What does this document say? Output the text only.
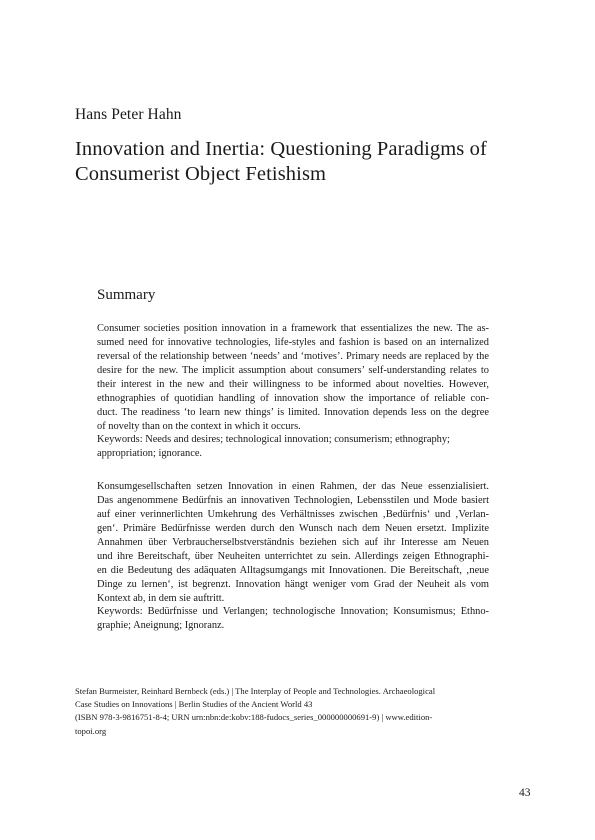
Hans Peter Hahn
Innovation and Inertia: Questioning Paradigms of
Consumerist Object Fetishism
Summary

Consumer societies position innovation in a framework that essentializes the new. The as-
sumed need for innovative technologies, life-styles and fashion is based on an internalized
reversal of the relationship between ‘needs’ and ‘motives’. Primary needs are replaced by the
desire for the new. The implicit assumption about consumers’ self-understanding relates to
their interest in the new and their willingness to be informed about novelties. However,
ethnographies of quotidian handling of innovation show the importance of reliable con-
duct. The readiness ‘to learn new things’ is limited. Innovation depends less on the degree
of novelty than on the context in which it occurs.

Keywords: Needs and desires; technological innovation; consumerism; ethnography;
appropriation; ignorance.

Konsumgesellschaften setzen Innovation in einen Rahmen, der das Neue essenzialisiert.
Das angenommene Bedürfnis an innovativen Technologien, Lebensstilen und Mode basiert
auf einer verinnerlichten Umkehrung des Verhältnisses zwischen ‚Bedürfnis‘ und ‚Verlan-
gen‘. Primäre Bedürfnisse werden durch den Wunsch nach dem Neuen ersetzt. Implizite
Annahmen über Verbraucherselbstverständnis beziehen sich auf ihr Interesse am Neuen
und ihre Bereitschaft, über Neuheiten unterrichtet zu sein. Allerdings zeigen Ethnographi-
en die Bedeutung des adäquaten Alltagsumgangs mit Innovationen. Die Bereitschaft, ‚neue
Dinge zu lernen‘, ist begrenzt. Innovation hängt weniger vom Grad der Neuheit als vom
Kontext ab, in dem sie auftritt.

Keywords: Bedürfnisse und Verlangen; technologische Innovation; Konsumismus; Ethno-
graphie; Aneignung; Ignoranz.

Stefan Burmeister, Reinhard Bernbeck (eds.) | The Interplay of People and Technologies. Archaeological
Case Studies on Innovations | Berlin Studies of the Ancient World 43
(ISBN 978-3-9816751-8-4; URN urn:nbn:de:kobv:188-fudocs_series_000000000691-9) | www.edition-
topoi.org
43
